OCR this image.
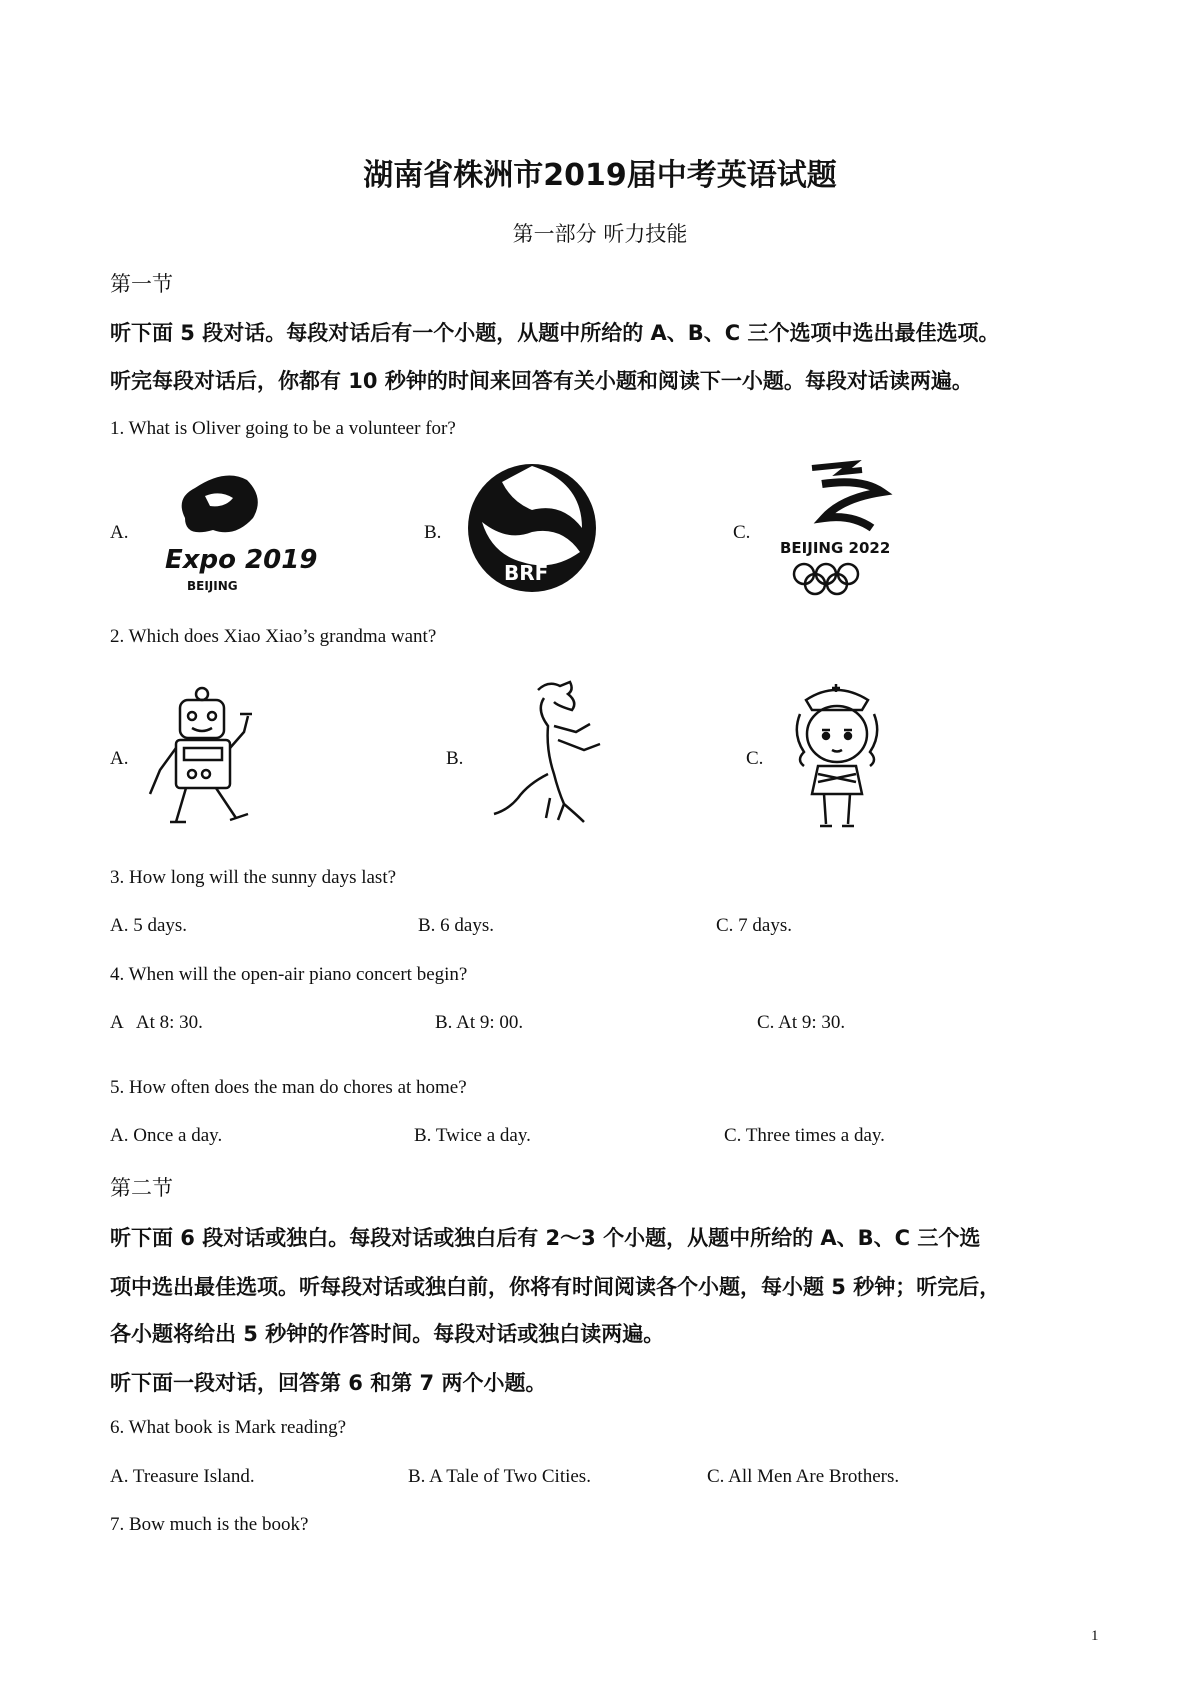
湖南省株洲市2019届中考英语试题
第一部分 听力技能
第一节
听下面 5 段对话。每段对话后有一个小题，从题中所给的 A、B、C 三个选项中选出最佳选项。
听完每段对话后，你都有 10 秒钟的时间来回答有关小题和阅读下一小题。每段对话读两遍。
1. What is Oliver going to be a volunteer for?
A.	B.	C.
Expo 2019
BEIJING
BRF
BEIJING 2022
2. Which does Xiao Xiao’s grandma want?
A.	B.	C.
3. How long will the sunny days last?
A. 5 days.	B. 6 days.	C. 7 days.
4. When will the open-air piano concert begin?
A   At 8: 30.	B. At 9: 00.	C. At 9: 30.
5. How often does the man do chores at home?
A. Once a day.	B. Twice a day.	C. Three times a day.
第二节
听下面 6 段对话或独白。每段对话或独白后有 2～3 个小题，从题中所给的 A、B、C 三个选
项中选出最佳选项。听每段对话或独白前，你将有时间阅读各个小题，每小题 5 秒钟；听完后，
各小题将给出 5 秒钟的作答时间。每段对话或独白读两遍。
听下面一段对话，回答第 6 和第 7 两个小题。
6. What book is Mark reading?
A. Treasure Island.	B. A Tale of Two Cities.	C. All Men Are Brothers.
7. Bow much is the book?
1
